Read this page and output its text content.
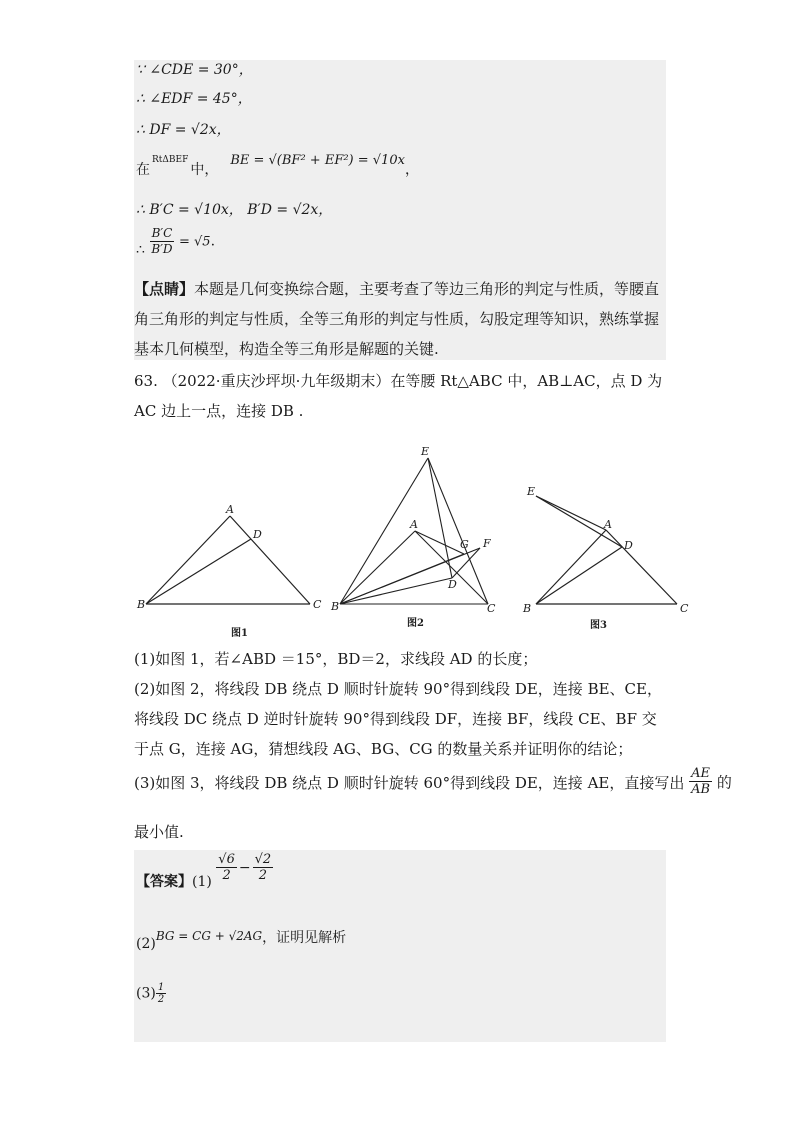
∵ ∠CDE = 30°，
∴ ∠EDF = 45°，
∴ DF = √2x，
在RtΔBEF中，BE = √(BF² + EF²) = √10x，
∴ B′C = √10x， B′D = √2x，
∴ $\frac{B'C}{B'D} = √5$.
【点睛】本题是几何变换综合题，主要考查了等边三角形的判定与性质，等腰直角三角形的判定与性质，全等三角形的判定与性质，勾股定理等知识，熟练掌握基本几何模型，构造全等三角形是解题的关键.
63. （2022·重庆沙坪坝·九年级期末）在等腰 Rt△ABC 中，AB⊥AC，点 D 为 AC 边上一点，连接 DB .
A
D
B	C
图1
E
A
G F
D
B	C
图2
E
A
D
B	C
图3
(1)如图 1，若∠ABD ＝15°，BD＝2，求线段 AD 的长度；
(2)如图 2，将线段 DB 绕点 D 顺时针旋转 90°得到线段 DE，连接 BE、CE，将线段 DC 绕点 D 逆时针旋转 90°得到线段 DF，连接 BF，线段 CE、BF 交于点 G，连接 AG，猜想线段 AG、BG、CG 的数量关系并证明你的结论；
(3)如图 3，将线段 DB 绕点 D 顺时针旋转 60°得到线段 DE，连接 AE，直接写出 $\frac{AE}{AB}$ 的
最小值.
【答案】$(1) \frac{√6}{2} - \frac{√2}{2}$
(2)BG = CG + √2AG，证明见解析
$(3) \frac{1}{2}$
